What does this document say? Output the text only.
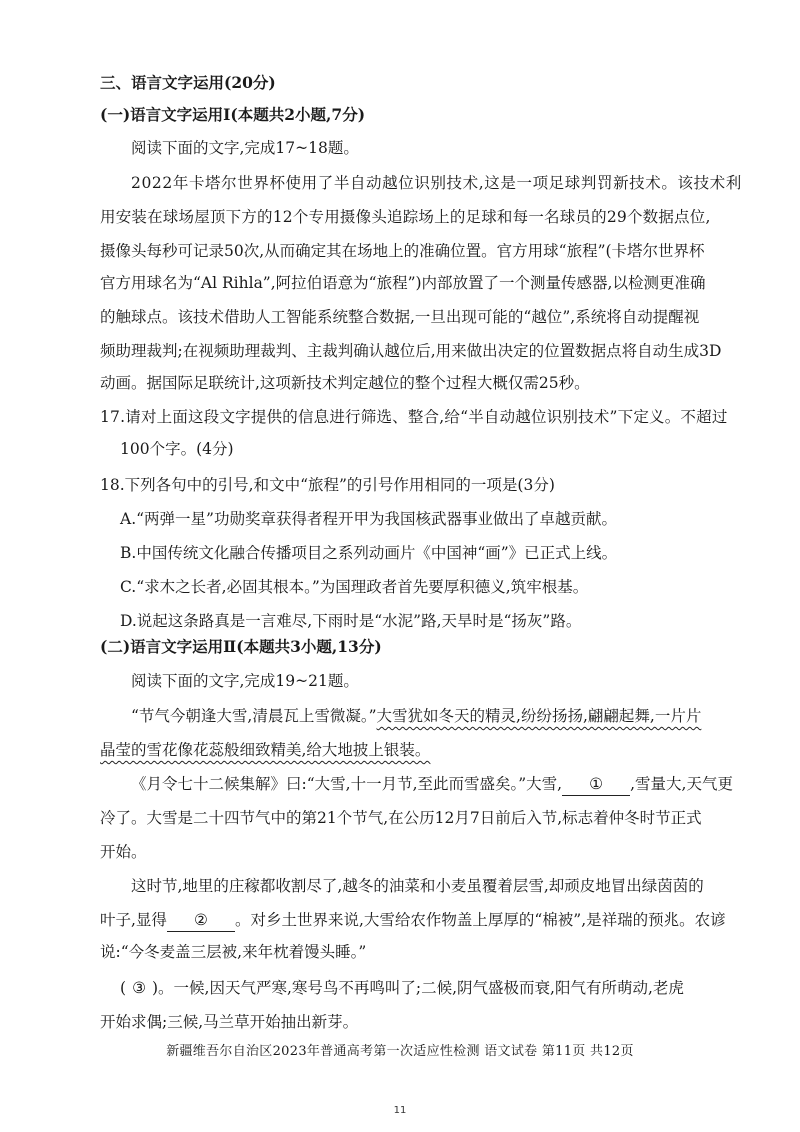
三、语言文字运用(20分)
(一)语言文字运用Ⅰ(本题共2小题,7分)
阅读下面的文字,完成17~18题。
2022年卡塔尔世界杯使用了半自动越位识别技术,这是一项足球判罚新技术。该技术利
用安装在球场屋顶下方的12个专用摄像头追踪场上的足球和每一名球员的29个数据点位,
摄像头每秒可记录50次,从而确定其在场地上的准确位置。官方用球“旅程”(卡塔尔世界杯
官方用球名为“Al Rihla”,阿拉伯语意为“旅程”)内部放置了一个测量传感器,以检测更准确
的触球点。该技术借助人工智能系统整合数据,一旦出现可能的“越位”,系统将自动提醒视
频助理裁判;在视频助理裁判、主裁判确认越位后,用来做出决定的位置数据点将自动生成3D
动画。据国际足联统计,这项新技术判定越位的整个过程大概仅需25秒。
17.请对上面这段文字提供的信息进行筛选、整合,给“半自动越位识别技术”下定义。不超过
100个字。(4分)
18.下列各句中的引号,和文中“旅程”的引号作用相同的一项是(3分)
A.“两弹一星”功勋奖章获得者程开甲为我国核武器事业做出了卓越贡献。
B.中国传统文化融合传播项目之系列动画片《中国神“画”》已正式上线。
C.“求木之长者,必固其根本。”为国理政者首先要厚积德义,筑牢根基。
D.说起这条路真是一言难尽,下雨时是“水泥”路,天旱时是“扬灰”路。
(二)语言文字运用Ⅱ(本题共3小题,13分)
阅读下面的文字,完成19~21题。
“节气今朝逢大雪,清晨瓦上雪微凝。”大雪犹如冬天的精灵,纷纷扬扬,翩翩起舞,一片片
晶莹的雪花像花蕊般细致精美,给大地披上银装。
《月令七十二候集解》曰:“大雪,十一月节,至此而雪盛矣。”大雪, ① ,雪量大,天气更
冷了。大雪是二十四节气中的第21个节气,在公历12月7日前后入节,标志着仲冬时节正式
开始。
这时节,地里的庄稼都收割尽了,越冬的油菜和小麦虽覆着层雪,却顽皮地冒出绿茵茵的
叶子,显得 ② 。对乡土世界来说,大雪给农作物盖上厚厚的“棉被”,是祥瑞的预兆。农谚
说:“今冬麦盖三层被,来年枕着馒头睡。”
( ③ )。一候,因天气严寒,寒号鸟不再鸣叫了;二候,阴气盛极而衰,阳气有所萌动,老虎
开始求偶;三候,马兰草开始抽出新芽。
新疆维吾尔自治区2023年普通高考第一次适应性检测 语文试卷 第11页 共12页
11
